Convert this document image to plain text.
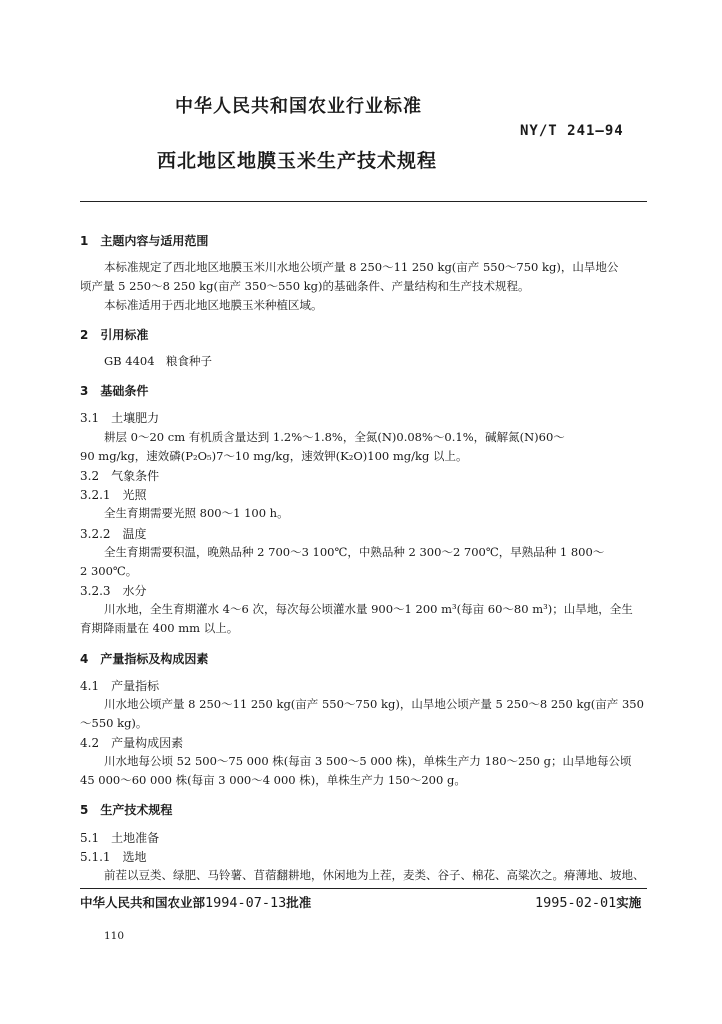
中华人民共和国农业行业标准
NY/T 241—94
西北地区地膜玉米生产技术规程
1　主题内容与适用范围
本标准规定了西北地区地膜玉米川水地公顷产量 8 250～11 250 kg(亩产 550～750 kg)，山旱地公
顷产量 5 250～8 250 kg(亩产 350～550 kg)的基础条件、产量结构和生产技术规程。
本标准适用于西北地区地膜玉米种植区域。
2　引用标准
GB 4404　粮食种子
3　基础条件
3.1　土壤肥力
耕层 0～20 cm 有机质含量达到 1.2%～1.8%，全氮(N)0.08%～0.1%，碱解氮(N)60～
90 mg/kg，速效磷(P₂O₅)7～10 mg/kg，速效钾(K₂O)100 mg/kg 以上。
3.2　气象条件
3.2.1　光照
全生育期需要光照 800～1 100 h。
3.2.2　温度
全生育期需要积温，晚熟品种 2 700～3 100℃，中熟品种 2 300～2 700℃，早熟品种 1 800～
2 300℃。
3.2.3　水分
川水地，全生育期灌水 4～6 次，每次每公顷灌水量 900～1 200 m³(每亩 60～80 m³)；山旱地，全生
育期降雨量在 400 mm 以上。
4　产量指标及构成因素
4.1　产量指标
川水地公顷产量 8 250～11 250 kg(亩产 550～750 kg)，山旱地公顷产量 5 250～8 250 kg(亩产 350
～550 kg)。
4.2　产量构成因素
川水地每公顷 52 500～75 000 株(每亩 3 500～5 000 株)，单株生产力 180～250 g；山旱地每公顷
45 000～60 000 株(每亩 3 000～4 000 株)，单株生产力 150～200 g。
5　生产技术规程
5.1　土地准备
5.1.1　选地
前茬以豆类、绿肥、马铃薯、苜蓿翻耕地，休闲地为上茬，麦类、谷子、棉花、高粱次之。瘠薄地、坡地、
中华人民共和国农业部1994-07-13批准	1995-02-01实施
110
